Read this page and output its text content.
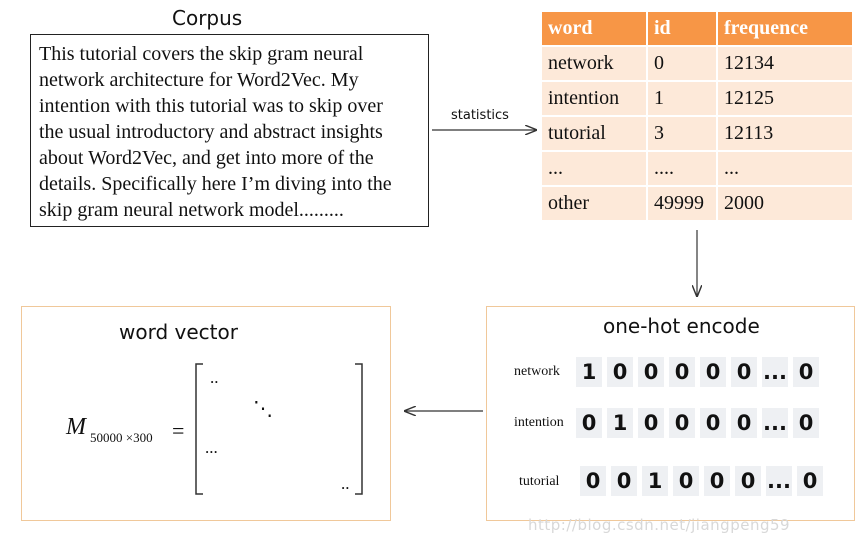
Corpus
This tutorial covers the skip gram neural
network architecture for Word2Vec. My
intention with this tutorial was to skip over
the usual introductory and abstract insights
about Word2Vec, and get into more of the
details. Specifically here I’m diving into the
skip gram neural network model.........
statistics
word	id	frequence
network	0	12134
intention	1	12125
tutorial	3	12113
...	....	...
other	49999	2000
one-hot encode
network 1 0 0 0 0 0 ... 0
intention 0 1 0 0 0 0 ... 0
tutorial 0 0 1 0 0 0 ... 0
word vector
M 50000 ×300 =
..
⋱
...
..
http://blog.csdn.net/jiangpeng59
